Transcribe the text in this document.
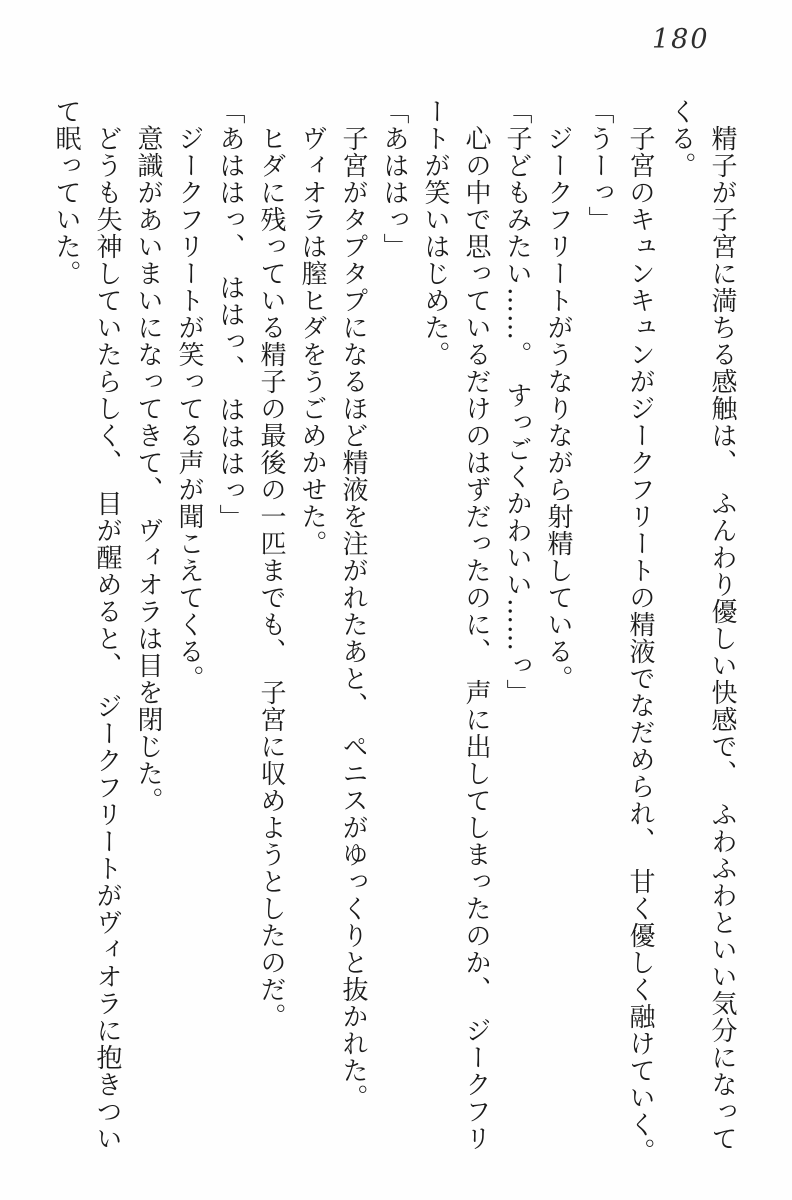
180
　精子が子宮に満ちる感触は、　ふんわり優しい快感で、　ふわふわといい気分になって
くる。
　子宮のキュンキュンがジークフリートの精液でなだめられ、　甘く優しく融けていく。
「うーっ」
　ジークフリートがうなりながら射精している。
「子どもみたい……。　すっごくかわいい……っ」
　心の中で思っているだけのはずだったのに、　声に出してしまったのか、　ジークフリ
ートが笑いはじめた。
「あははっ」
　子宮がタプタプになるほど精液を注がれたあと、　ペニスがゆっくりと抜かれた。
　ヴィオラは膣ヒダをうごめかせた。
　ヒダに残っている精子の最後の一匹までも、　子宮に収めようとしたのだ。
「あははっ、　ははっ、　はははっ」
　ジークフリートが笑ってる声が聞こえてくる。
　意識があいまいになってきて、　ヴィオラは目を閉じた。
　どうも失神していたらしく、　目が醒めると、　ジークフリートがヴィオラに抱きつい
て眠っていた。
